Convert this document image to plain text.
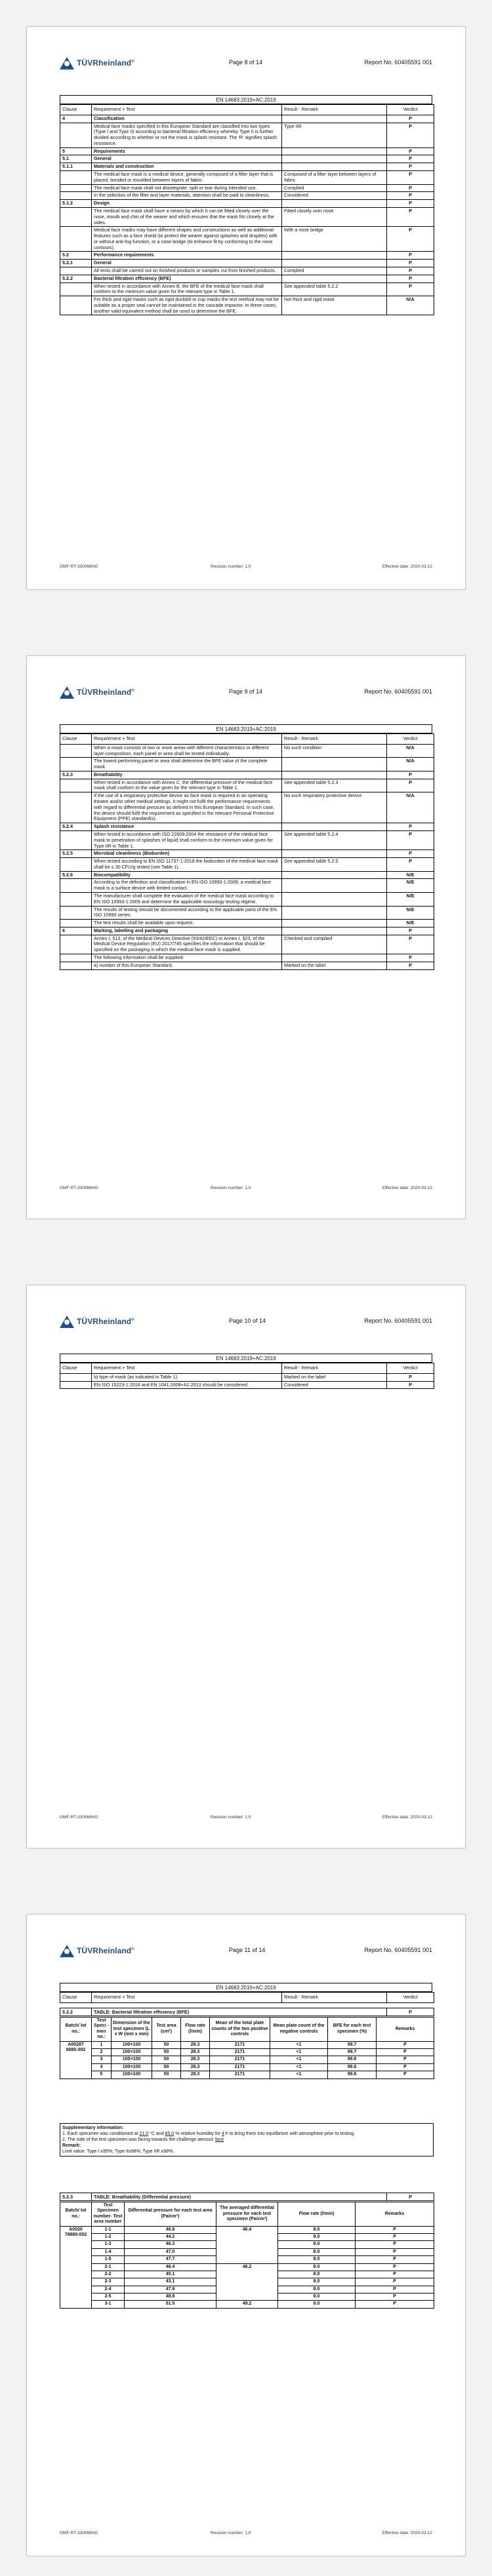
TÜVRheinland®	Page 8 of 14	Report No. 60405591 001
EN 14683:2019+AC:2019
Clause	Requirement + Test	Result - Remark	Verdict
4	Classification		P
	Medical face masks specified in this European Standard are classified into two types (Type I and Type II) according to bacterial filtration efficiency whereby Type II is further divided according to whether or not the mask is splash resistant. The 'R' signifies splash resistance.	Type IIR	P
5	Requirements		P
5.1	General		P
5.1.1	Materials and construction		P
	The medical face mask is a medical device, generally composed of a filter layer that is placed, bonded or moulded between layers of fabric.	Composed of a filter layer between layers of fabric	P
	The medical face mask shall not disintegrate, split or tear during intended use.	Complied	P
	In the selection of the filter and layer materials, attention shall be paid to cleanliness.	Considered	P
5.1.2	Design		P
	The medical face mask shall have a means by which it can be fitted closely over the nose, mouth and chin of the wearer and which ensures that the mask fits closely at the sides.	Fitted closely over nose	P
	Medical face masks may have different shapes and constructions as well as additional features such as a face shield (to protect the wearer against splashes and droplets) with or without anti-fog function, or a nose bridge (to enhance fit by conforming to the nose contours).	With a nose bridge	P
5.2	Performance requirements		P
5.2.1	General		P
	All tests shall be carried out on finished products or samples cut from finished products.	Complied	P
5.2.2	Bacterial filtration efficiency (BFE)		P
	When tested in accordance with Annex B, the BFE of the medical face mask shall conform to the minimum value given for the relevant type in Table 1.	See appended table 5.2.2	P
	For thick and rigid masks such as rigid duckbill or cup masks the test method may not be suitable as a proper seal cannot be maintained in the cascade impactor. In these cases, another valid equivalent method shall be used to determine the BFE.	Not thick and rigid mask	N/A
GMF-RT-330068HG	Revision number: 1.0	Effective date: 2020-03-12
TÜVRheinland®	Page 9 of 14	Report No. 60405591 001
EN 14683:2019+AC:2019
Clause	Requirement + Test	Result - Remark	Verdict
	When a mask consists of two or more areas with different characteristics or different layer-composition, each panel or area shall be tested individually.	No such condition	N/A
	The lowest performing panel or area shall determine the BFE value of the complete mask.		N/A
5.2.3	Breathability		P
	When tested in accordance with Annex C, the differential pressure of the medical face mask shall conform to the value given for the relevant type in Table 1.	See appended table 5.2.3	P
	If the use of a respiratory protective device as face mask is required in an operating theatre and/or other medical settings, it might not fulfil the performance requirements with regard to differential pressure as defined in this European Standard. In such case, the device should fulfil the requirement as specified in the relevant Personal Protective Equipment (PPE) standard(s).	No such respiratory protective device	N/A
5.2.4	Splash resistance		P
	When tested in accordance with ISO 22609:2004 the resistance of the medical face mask to penetration of splashes of liquid shall conform to the minimum value given for Type IIR in Table 1.	See appended table 5.2.4	P
5.2.5	Microbial cleanliness (Bioburden)		P
	When tested according to EN ISO 11737-1:2018 the bioburden of the medical face mask shall be ≤ 30 CFU/g tested (see Table 1).	See appended table 5.2.5	P
5.2.6	Biocompatibility		N/E
	According to the definition and classification in EN ISO 10993-1:2009, a medical face mask is a surface device with limited contact.		N/E
	The manufacturer shall complete the evaluation of the medical face mask according to EN ISO 10993-1:2009 and determine the applicable toxicology testing regime.		N/E
	The results of testing should be documented according to the applicable parts of the EN ISO 10993 series.		N/E
	The test results shall be available upon request.		N/E
6	Marking, labelling and packaging		P
	Annex I, §13, of the Medical Devices Directive (93/42/EEC) or Annex I, §23, of the Medical Device Regulation (EU) 2017/745 specifies the information that should be specified on the packaging in which the medical face mask is supplied.	Checked and complied	P
	The following information shall be supplied:		P
	a) number of this European Standard;	Marked on the label	P
GMF-RT-330068HG	Revision number: 1.0	Effective date: 2020-03-12
TÜVRheinland®	Page 10 of 14	Report No. 60405591 001
EN 14683:2019+AC:2019
Clause	Requirement + Test	Result - Remark	Verdict
	b) type of mask (as indicated in Table 1).	Marked on the label	P
	EN ISO 15223-1:2016 and EN 1041:2008+A1:2013 should be considered.	Considered	P
GMF-RT-330068HG	Revision number: 1.0	Effective date: 2020-03-12
TÜVRheinland®	Page 11 of 14	Report No. 60405591 001
EN 14683:2019+AC:2019
Clause	Requirement + Test	Result - Remark	Verdict
5.2.2	TABLE: Bacterial filtration efficiency (BFE)	P
Batch/ lot no.:	Test Speci -men no.:	Dimension of the test specimen (L x W (mm x mm)	Test area (cm²)	Flow rate (l/min)	Mean of the total plate counts of the two positive controls	Mean plate count of the negative controls	BFE for each test specimen (%)	Remarks
A00287 8880-002	1	100×100	50	28.3	2171	<1	99.7	P
	2	100×100	50	28.3	2171	<1	99.7	P
	3	100×100	50	28.3	2171	<1	99.8	P
	4	100×100	50	28.3	2171	<1	99.8	P
	5	100×100	50	28.3	2171	<1	99.8	P
Supplementary information:
1. Each specimen was conditioned at 21.0 °C and 85.0 % relative humidity for 4 h to bring them into equilibrium with atmosphere prior to testing.
2. The side of the test specimen was facing towards the challenge aerosol: face
Remark:
Limit value: Type I ≥95%; Type II≥98%; Type IIR ≥98%.
5.2.3	TABLE: Breathability (Differential pressure)	P
Batch/ lot no.:	Test Specimen number- Test area number	Differential pressure for each test area (Pa/cm²)	The averaged differential pressure for each test specimen (Pa/cm²)	Flow rate (l/min)	Remarks
A0020 78880-002	1-1	46.8	46.4	8.0	P
	1-2	44.2		8.0	P
	1-3	46.3		8.0	P
	1-4	47.0		8.0	P
	1-5	47.7		8.0	P
	2-1	46.4	46.2	8.0	P
	2-2	45.1		8.0	P
	2-3	43.1		8.0	P
	2-4	47.9		8.0	P
	2-5	48.8		8.0	P
	3-1	51.5	49.2	8.0	P
GMF-RT-330068HG	Revision number: 1.0	Effective date: 2020-03-12
